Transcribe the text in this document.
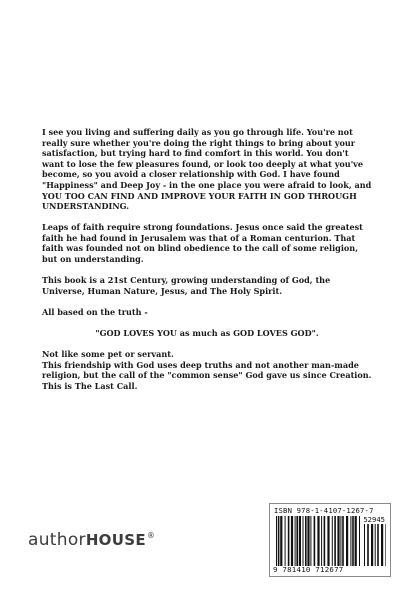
I see you living and suffering daily as you go through life. You're not really sure whether you're doing the right things to bring about your satisfaction, but trying hard to find comfort in this world. You don't want to lose the few pleasures found, or look too deeply at what you've become, so you avoid a closer relationship with God. I have found "Happiness" and Deep Joy - in the one place you were afraid to look, and YOU TOO CAN FIND AND IMPROVE YOUR FAITH IN GOD THROUGH UNDERSTANDING.

Leaps of faith require strong foundations. Jesus once said the greatest faith he had found in Jerusalem was that of a Roman centurion. That faith was founded not on blind obedience to the call of some religion, but on understanding.

This book is a 21st Century, growing understanding of God, the Universe, Human Nature, Jesus, and The Holy Spirit.

All based on the truth -

"GOD LOVES YOU as much as GOD LOVES GOD".

Not like some pet or servant.

This friendship with God uses deep truths and not another man-made religion, but the call of the "common sense" God gave us since Creation. This is The Last Call.

authorHOUSE®
ISBN 978-1-4107-1267-7
52945
9 781410 712677
